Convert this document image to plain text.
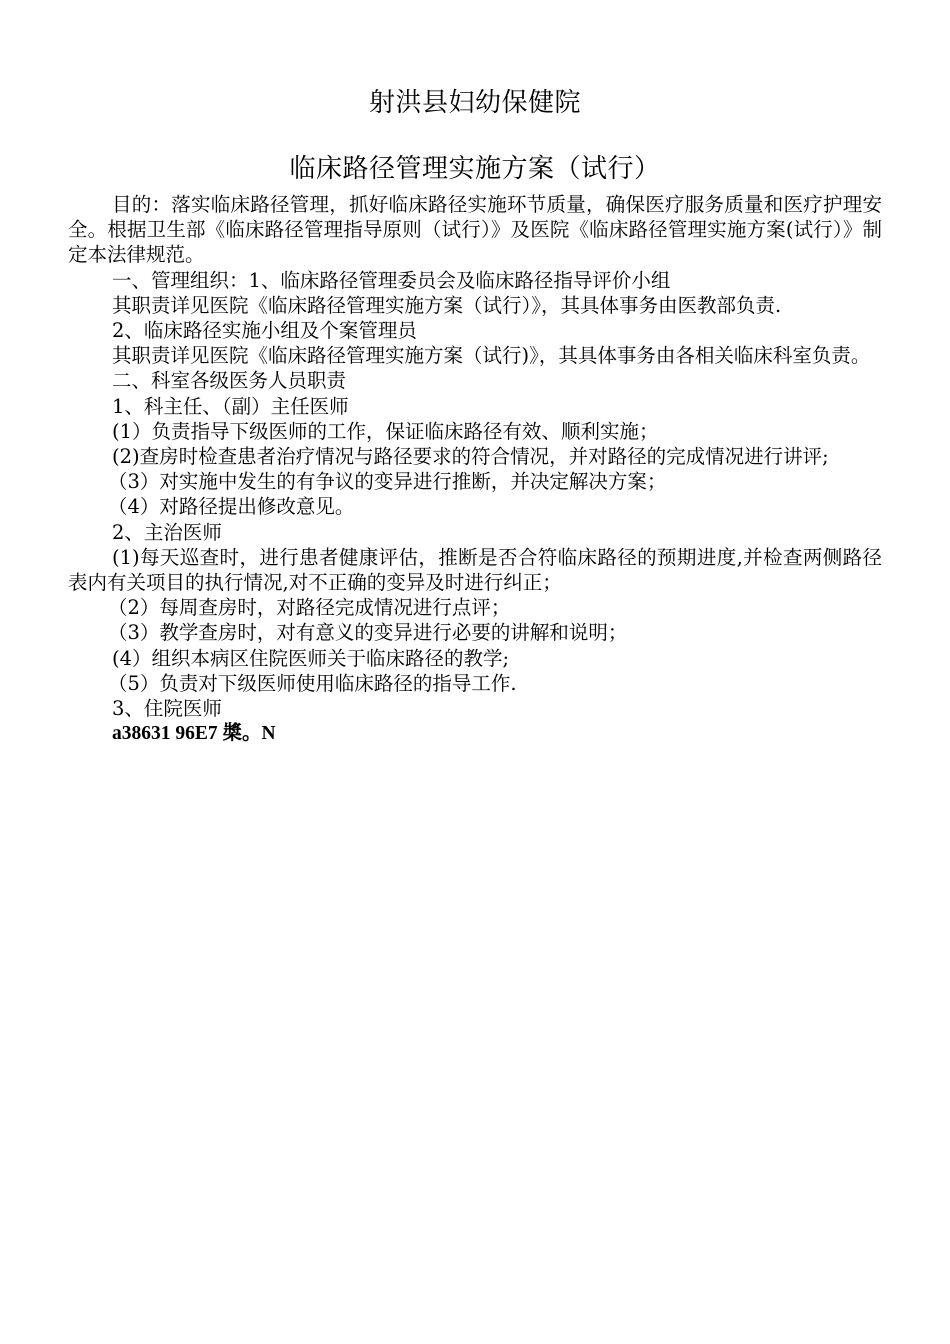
射洪县妇幼保健院
临床路径管理实施方案（试行）

目的：落实临床路径管理，抓好临床路径实施环节质量，确保医疗服务质量和医疗护理安全。根据卫生部《临床路径管理指导原则（试行）》及医院《临床路径管理实施方案(试行）》制定本法律规范。

一、管理组织：1、临床路径管理委员会及临床路径指导评价小组

其职责详见医院《临床路径管理实施方案（试行）》，其具体事务由医教部负责.

2、临床路径实施小组及个案管理员

其职责详见医院《临床路径管理实施方案（试行)》，其具体事务由各相关临床科室负责。

二、科室各级医务人员职责

1、科主任、（副）主任医师

(1）负责指导下级医师的工作，保证临床路径有效、顺利实施；

(2)查房时检查患者治疗情况与路径要求的符合情况，并对路径的完成情况进行讲评;

（3）对实施中发生的有争议的变异进行推断，并决定解决方案；

（4）对路径提出修改意见。

2、主治医师

(1)每天巡查时，进行患者健康评估，推断是否合符临床路径的预期进度,并检查两侧路径表内有关项目的执行情况,对不正确的变异及时进行纠正；

（2）每周查房时，对路径完成情况进行点评；

（3）教学查房时，对有意义的变异进行必要的讲解和说明；

(4）组织本病区住院医师关于临床路径的教学;

（5）负责对下级医师使用临床路径的指导工作.

3、住院医师

a38631 96E7 槳。N
